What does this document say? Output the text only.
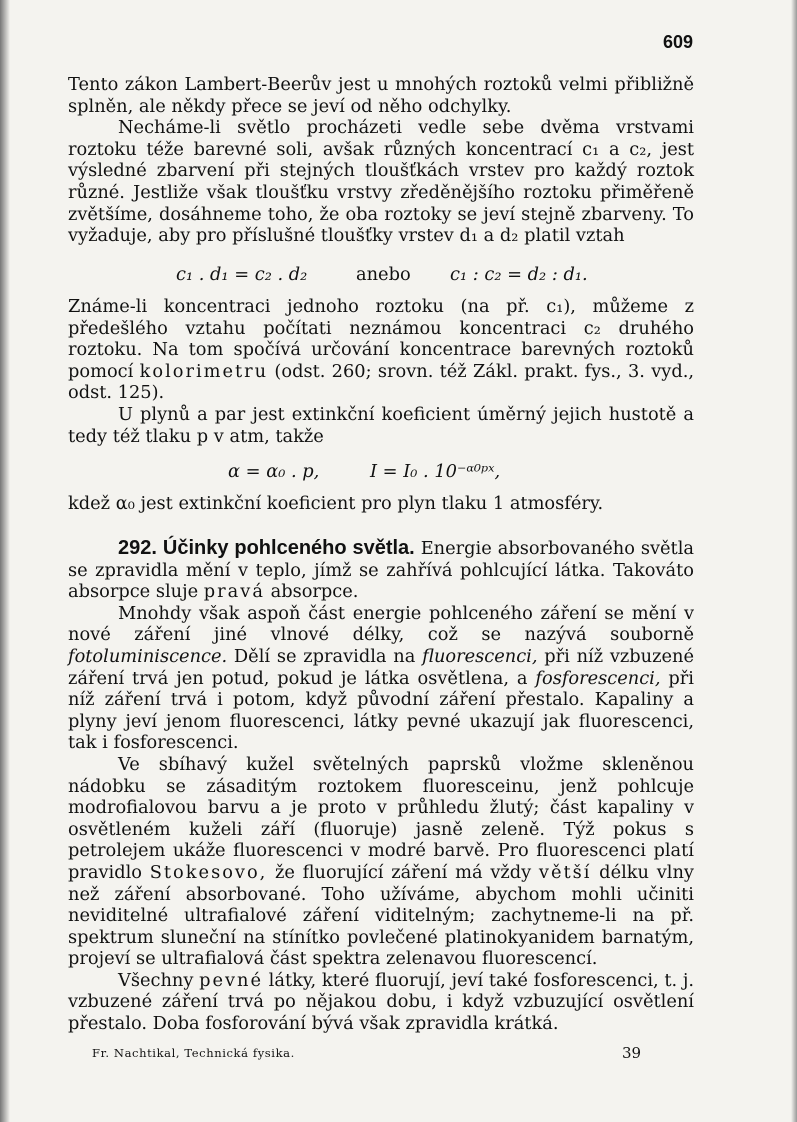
609

Tento zákon Lambert-Beerův jest u mnohých roztoků velmi přibližně splněn, ale někdy přece se jeví od něho odchylky.

Necháme-li světlo procházeti vedle sebe dvěma vrstvami roztoku téže barevné soli, avšak různých koncentrací c₁ a c₂, jest výsledné zbarvení při stejných tloušťkách vrstev pro každý roztok různé. Jestliže však tloušťku vrstvy zředěnějšího roztoku přiměřeně zvětšíme, dosáhneme toho, že oba roztoky se jeví stejně zbarveny. To vyžaduje, aby pro příslušné tloušťky vrstev d₁ a d₂ platil vztah

c₁ . d₁ = c₂ . d₂	anebo c₁ : c₂ = d₂ : d₁.

Známe-li koncentraci jednoho roztoku (na př. c₁), můžeme z předešlého vztahu počítati neznámou koncentraci c₂ druhého roztoku. Na tom spočívá určování koncentrace barevných roztoků pomocí kolorimetru (odst. 260; srovn. též Zákl. prakt. fys., 3. vyd., odst. 125).

U plynů a par jest extinkční koeficient úměrný jejich hustotě a tedy též tlaku p v atm, takže

α = α₀ . p,	I = I₀ . 10⁻ᵅ⁰ᵖˣ,

kdež α₀ jest extinkční koeficient pro plyn tlaku 1 atmosféry.

292. Účinky pohlceného světla. Energie absorbovaného světla se zpravidla mění v teplo, jímž se zahřívá pohlcující látka. Takováto absorpce sluje pravá absorpce.

Mnohdy však aspoň část energie pohlceného záření se mění v nové záření jiné vlnové délky, což se nazývá souborně fotoluminiscence. Dělí se zpravidla na fluorescenci, při níž vzbuzené záření trvá jen potud, pokud je látka osvětlena, a fosforescenci, při níž záření trvá i potom, když původní záření přestalo. Kapaliny a plyny jeví jenom fluorescenci, látky pevné ukazují jak fluorescenci, tak i fosforescenci.

Ve sbíhavý kužel světelných paprsků vložme skleněnou nádobku se zásaditým roztokem fluoresceinu, jenž pohlcuje modrofialovou barvu a je proto v průhledu žlutý; část kapaliny v osvětleném kuželi září (fluoruje) jasně zeleně. Týž pokus s petrolejem ukáže fluorescenci v modré barvě. Pro fluorescenci platí pravidlo Stokesovo, že fluorující záření má vždy větší délku vlny než záření absorbované. Toho užíváme, abychom mohli učiniti neviditelné ultrafialové záření viditelným; zachytneme-li na př. spektrum sluneční na stínítko povlečené platinokyanidem barnatým, projeví se ultrafialová část spektra zelenavou fluorescencí.

Všechny pevné látky, které fluorují, jeví také fosforescenci, t. j. vzbuzené záření trvá po nějakou dobu, i když vzbuzující osvětlení přestalo. Doba fosforování bývá však zpravidla krátká.

Fr. Nachtikal, Technická fysika.	39
